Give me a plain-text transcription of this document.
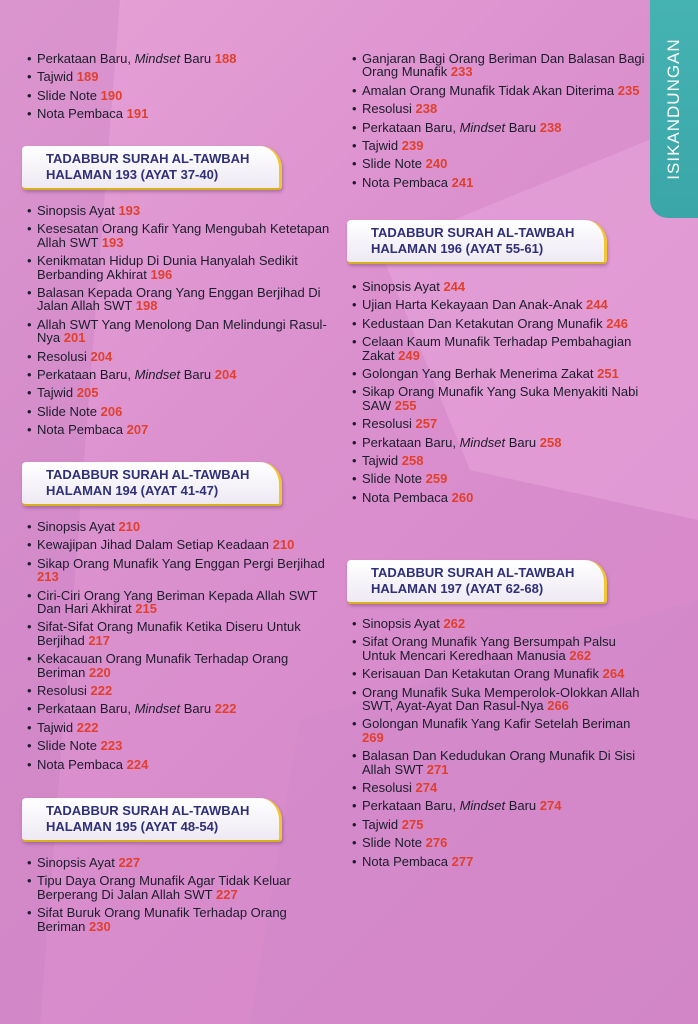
ISIKANDUNGAN
• Perkataan Baru, Mindset Baru 188
• Tajwid 189
• Slide Note 190
• Nota Pembaca 191
TADABBUR SURAH AL-TAWBAH
HALAMAN 193 (AYAT 37-40)
• Sinopsis Ayat 193
• Kesesatan Orang Kafir Yang Mengubah Ketetapan Allah SWT 193
• Kenikmatan Hidup Di Dunia Hanyalah Sedikit Berbanding Akhirat 196
• Balasan Kepada Orang Yang Enggan Berjihad Di Jalan Allah SWT 198
• Allah SWT Yang Menolong Dan Melindungi Rasul-Nya 201
• Resolusi 204
• Perkataan Baru, Mindset Baru 204
• Tajwid 205
• Slide Note 206
• Nota Pembaca 207
TADABBUR SURAH AL-TAWBAH
HALAMAN 194 (AYAT 41-47)
• Sinopsis Ayat 210
• Kewajipan Jihad Dalam Setiap Keadaan 210
• Sikap Orang Munafik Yang Enggan Pergi Berjihad 213
• Ciri-Ciri Orang Yang Beriman Kepada Allah SWT Dan Hari Akhirat 215
• Sifat-Sifat Orang Munafik Ketika Diseru Untuk Berjihad 217
• Kekacauan Orang Munafik Terhadap Orang Beriman 220
• Resolusi 222
• Perkataan Baru, Mindset Baru 222
• Tajwid 222
• Slide Note 223
• Nota Pembaca 224
TADABBUR SURAH AL-TAWBAH
HALAMAN 195 (AYAT 48-54)
• Sinopsis Ayat 227
• Tipu Daya Orang Munafik Agar Tidak Keluar Berperang Di Jalan Allah SWT 227
• Sifat Buruk Orang Munafik Terhadap Orang Beriman 230
• Ganjaran Bagi Orang Beriman Dan Balasan Bagi Orang Munafik 233
• Amalan Orang Munafik Tidak Akan Diterima 235
• Resolusi 238
• Perkataan Baru, Mindset Baru 238
• Tajwid 239
• Slide Note 240
• Nota Pembaca 241
TADABBUR SURAH AL-TAWBAH
HALAMAN 196 (AYAT 55-61)
• Sinopsis Ayat 244
• Ujian Harta Kekayaan Dan Anak-Anak 244
• Kedustaan Dan Ketakutan Orang Munafik 246
• Celaan Kaum Munafik Terhadap Pembahagian Zakat 249
• Golongan Yang Berhak Menerima Zakat 251
• Sikap Orang Munafik Yang Suka Menyakiti Nabi SAW 255
• Resolusi 257
• Perkataan Baru, Mindset Baru 258
• Tajwid 258
• Slide Note 259
• Nota Pembaca 260
TADABBUR SURAH AL-TAWBAH
HALAMAN 197 (AYAT 62-68)
• Sinopsis Ayat 262
• Sifat Orang Munafik Yang Bersumpah Palsu Untuk Mencari Keredhaan Manusia 262
• Kerisauan Dan Ketakutan Orang Munafik 264
• Orang Munafik Suka Memperolok-Olokkan Allah SWT, Ayat-Ayat Dan Rasul-Nya 266
• Golongan Munafik Yang Kafir Setelah Beriman 269
• Balasan Dan Kedudukan Orang Munafik Di Sisi Allah SWT 271
• Resolusi 274
• Perkataan Baru, Mindset Baru 274
• Tajwid 275
• Slide Note 276
• Nota Pembaca 277
